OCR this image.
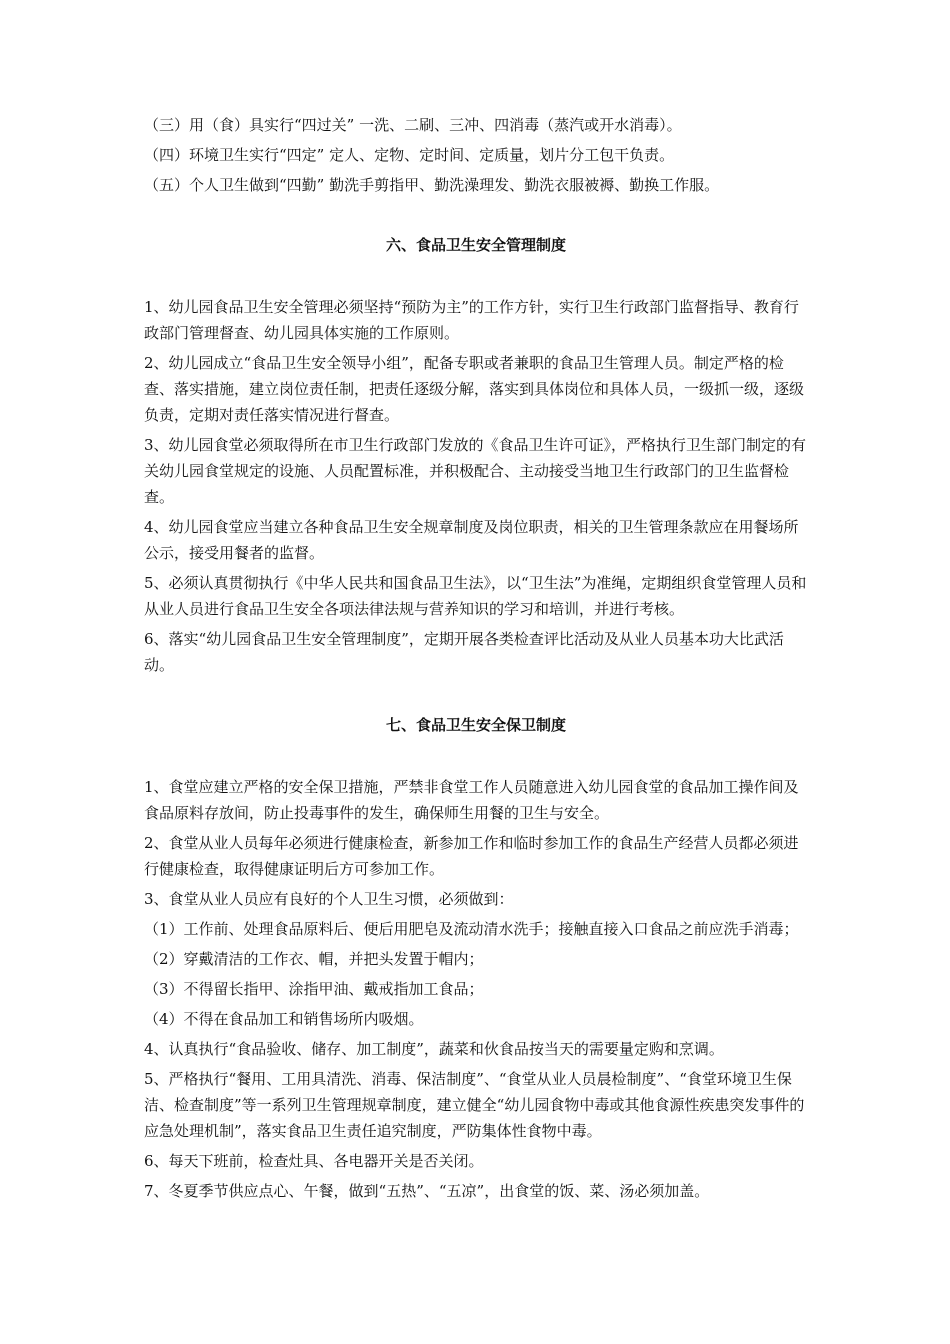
（三）用（食）具实行“四过关” 一洗、二刷、三冲、四消毒（蒸汽或开水消毒）。

（四）环境卫生实行“四定” 定人、定物、定时间、定质量，划片分工包干负责。

（五）个人卫生做到“四勤” 勤洗手剪指甲、勤洗澡理发、勤洗衣服被褥、勤换工作服。

六、食品卫生安全管理制度

1、幼儿园食品卫生安全管理必须坚持“预防为主”的工作方针，实行卫生行政部门监督指导、教育行政部门管理督查、幼儿园具体实施的工作原则。

2、幼儿园成立“食品卫生安全领导小组”，配备专职或者兼职的食品卫生管理人员。制定严格的检查、落实措施，建立岗位责任制，把责任逐级分解，落实到具体岗位和具体人员，一级抓一级，逐级负责，定期对责任落实情况进行督查。

3、幼儿园食堂必须取得所在市卫生行政部门发放的《食品卫生许可证》，严格执行卫生部门制定的有关幼儿园食堂规定的设施、人员配置标准，并积极配合、主动接受当地卫生行政部门的卫生监督检查。

4、幼儿园食堂应当建立各种食品卫生安全规章制度及岗位职责，相关的卫生管理条款应在用餐场所公示，接受用餐者的监督。

5、必须认真贯彻执行《中华人民共和国食品卫生法》，以“卫生法”为准绳，定期组织食堂管理人员和从业人员进行食品卫生安全各项法律法规与营养知识的学习和培训，并进行考核。

6、落实“幼儿园食品卫生安全管理制度”，定期开展各类检查评比活动及从业人员基本功大比武活动。

七、食品卫生安全保卫制度

1、食堂应建立严格的安全保卫措施，严禁非食堂工作人员随意进入幼儿园食堂的食品加工操作间及食品原料存放间，防止投毒事件的发生，确保师生用餐的卫生与安全。

2、食堂从业人员每年必须进行健康检查，新参加工作和临时参加工作的食品生产经营人员都必须进行健康检查，取得健康证明后方可参加工作。

3、食堂从业人员应有良好的个人卫生习惯，必须做到：

（1）工作前、处理食品原料后、便后用肥皂及流动清水洗手；接触直接入口食品之前应洗手消毒；

（2）穿戴清洁的工作衣、帽，并把头发置于帽内；

（3）不得留长指甲、涂指甲油、戴戒指加工食品；

（4）不得在食品加工和销售场所内吸烟。

4、认真执行“食品验收、储存、加工制度”，蔬菜和伙食品按当天的需要量定购和烹调。

5、严格执行“餐用、工用具清洗、消毒、保洁制度”、“食堂从业人员晨检制度”、“食堂环境卫生保洁、检查制度”等一系列卫生管理规章制度，建立健全“幼儿园食物中毒或其他食源性疾患突发事件的应急处理机制”，落实食品卫生责任追究制度，严防集体性食物中毒。

6、每天下班前，检查灶具、各电器开关是否关闭。

7、冬夏季节供应点心、午餐，做到“五热”、“五凉”，出食堂的饭、菜、汤必须加盖。
